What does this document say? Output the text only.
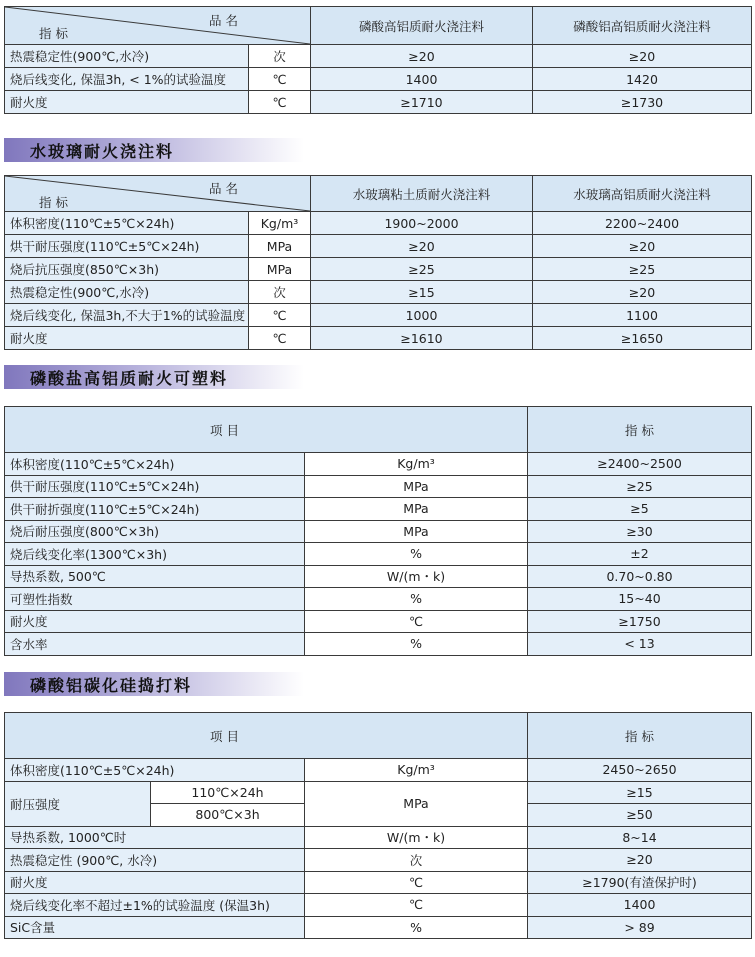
品 名
指 标		磷酸高铝质耐火浇注料	磷酸铝高铝质耐火浇注料
热震稳定性(900℃,水冷)	次	≥20	≥20
烧后线变化, 保温3h, < 1%的试验温度	℃	1400	1420
耐火度	℃	≥1710	≥1730
水玻璃耐火浇注料
品 名
指 标		水玻璃粘土质耐火浇注料	水玻璃高铝质耐火浇注料
体积密度(110℃±5℃×24h)	Kg/m³	1900~2000	2200~2400
烘干耐压强度(110℃±5℃×24h)	MPa	≥20	≥20
烧后抗压强度(850℃×3h)	MPa	≥25	≥25
热震稳定性(900℃,水冷)	次	≥15	≥20
烧后线变化, 保温3h,不大于1%的试验温度	℃	1000	1100
耐火度	℃	≥1610	≥1650
磷酸盐高铝质耐火可塑料
项 目		指 标
体积密度(110℃±5℃×24h)	Kg/m³	≥2400~2500
供干耐压强度(110℃±5℃×24h)	MPa	≥25
供干耐折强度(110℃±5℃×24h)	MPa	≥5
烧后耐压强度(800℃×3h)	MPa	≥30
烧后线变化率(1300℃×3h)	%	±2
导热系数, 500℃	W/(m・k)	0.70~0.80
可塑性指数	%	15~40
耐火度	℃	≥1750
含水率	%	< 13
磷酸铝碳化硅捣打料
项 目			指 标
体积密度(110℃±5℃×24h)		Kg/m³	2450~2650
耐压强度	110℃×24h	MPa	≥15
	800℃×3h		≥50
导热系数, 1000℃时		W/(m・k)	8~14
热震稳定性 (900℃, 水冷)		次	≥20
耐火度		℃	≥1790(有渣保护时)
烧后线变化率不超过±1%的试验温度 (保温3h)		℃	1400
SiC含量		%	> 89
